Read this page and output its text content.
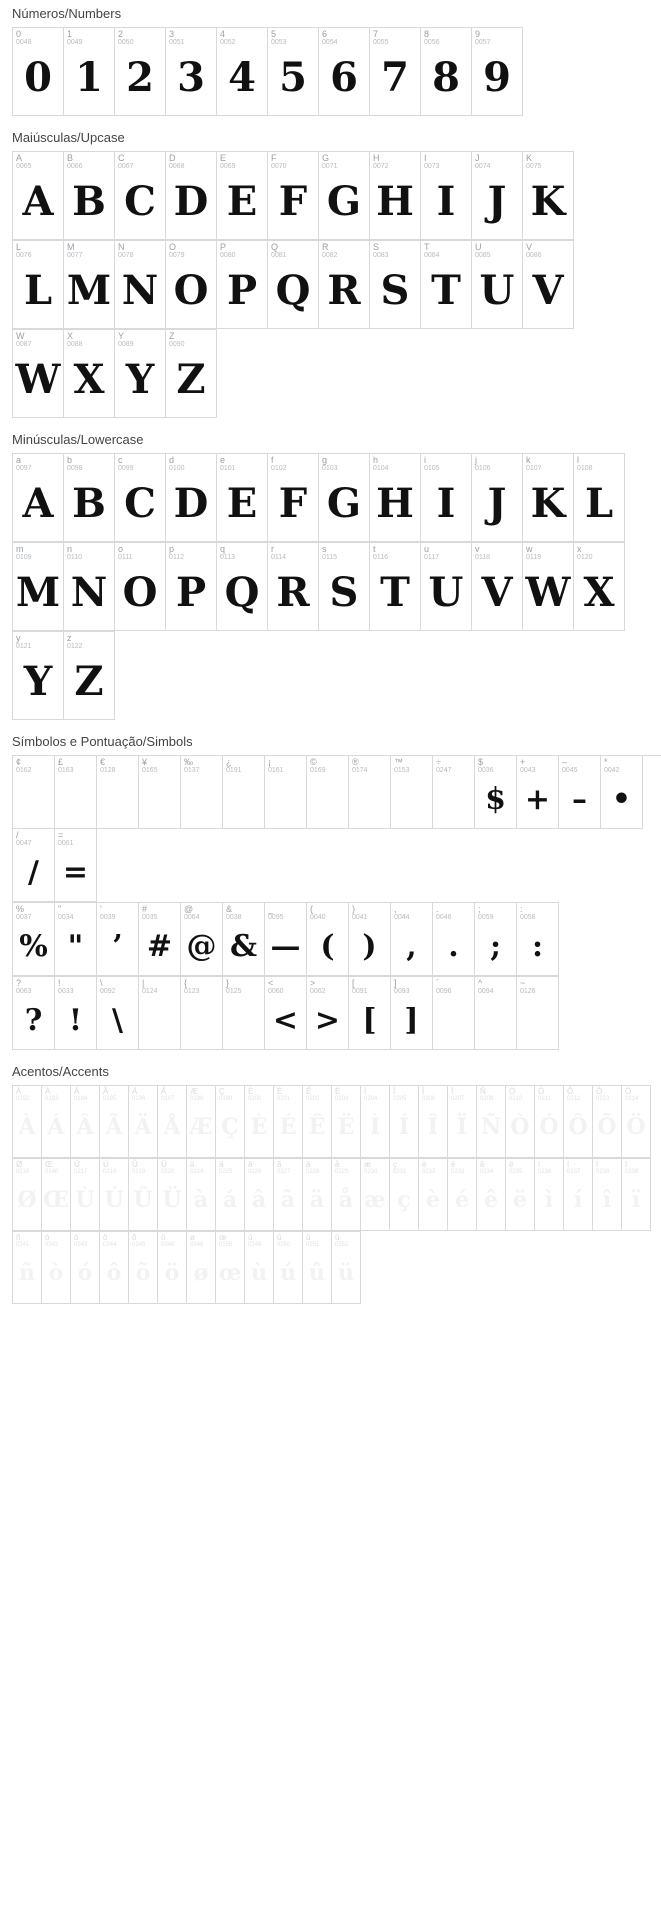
Números/Numbers
0
0048
0
1
0049
1
2
0050
2
3
0051
3
4
0052
4
5
0053
5
6
0054
6
7
0055
7
8
0056
8
9
0057
9
Maiúsculas/Upcase
A
0065
A
B
0066
B
C
0067
C
D
0068
D
E
0069
E
F
0070
F
G
0071
G
H
0072
H
I
0073
I
J
0074
J
K
0075
K
L
0076
L
M
0077
M
N
0078
N
O
0079
O
P
0080
P
Q
0081
Q
R
0082
R
S
0083
S
T
0084
T
U
0085
U
V
0086
V
W
0087
W
X
0088
X
Y
0089
Y
Z
0090
Z
Minúsculas/Lowercase
a
0097
A
b
0098
B
c
0099
C
d
0100
D
e
0101
E
f
0102
F
g
0103
G
h
0104
H
i
0105
I
j
0106
J
k
0107
K
l
0108
L
m
0109
M
n
0110
N
o
0111
O
p
0112
P
q
0113
Q
r
0114
R
s
0115
S
t
0116
T
u
0117
U
v
0118
V
w
0119
W
x
0120
X
y
0121
Y
z
0122
Z
Símbolos e Pontuação/Simbols
¢
0162
£
0163
€
0128
¥
0165
‰
0137
¿
0191
¡
0161
©
0169
®
0174
™
0153
÷
0247
$
0036
$
+
0043
+
–
0045
–
*
0042
•
/
0047
/
=
0061
=
%
0037
%
"
0034
"
'
0039
’
#
0035
#
@
0064
@
&
0038
&
_
0095
—
(
0040
(
)
0041
)
,
0044
,
.
0046
.
;
0059
;
:
0058
:
?
0063
?
!
0033
!
\
0092
\
|
0124
{
0123
}
0125
<
0060
<
>
0062
>
[
0091
[
]
0093
]
´
0096
^
0094
~
0126
Acentos/Accents
À
0192
À
Á
0193
Á
Â
0194
Â
Ã
0195
Ã
Ä
0196
Ä
Å
0197
Å
Æ
0198
Æ
Ç
0199
Ç
È
0200
È
É
0201
É
Ê
0202
Ê
Ë
0203
Ë
Ì
0204
Ì
Í
0205
Í
Î
0206
Î
Ï
0207
Ï
Ñ
0209
Ñ
Ò
0210
Ò
Ó
0211
Ó
Ô
0212
Ô
Õ
0213
Õ
Ö
0214
Ö
Ø
0216
Ø
Œ
0140
Œ
Ù
0217
Ù
Ú
0218
Ú
Û
0219
Û
Ü
0220
Ü
à
0224
à
á
0225
á
â
0226
â
ã
0227
ã
ä
0228
ä
å
0229
å
æ
0230
æ
ç
0231
ç
è
0232
è
é
0233
é
ê
0234
ê
ë
0235
ë
ì
0236
ì
í
0237
í
î
0238
î
ï
0239
ï
ñ
0241
ñ
ò
0242
ò
ó
0243
ó
ô
0244
ô
õ
0245
õ
ö
0246
ö
ø
0248
ø
œ
0156
œ
ù
0249
ù
ú
0250
ú
û
0251
û
ü
0252
ü
